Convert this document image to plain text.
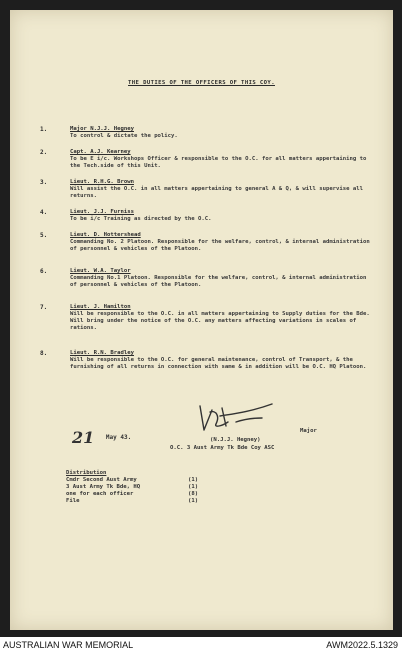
THE DUTIES OF THE OFFICERS OF THIS COY.
1.	Major N.J.J. Hegney
To control & dictate the policy.
2.	Capt. A.J. Kearney
To be E i/c. Workshops Officer & responsible to the O.C. for all matters appertaining to the Tech.side of this Unit.
3.	Lieut. R.H.G. Brown
Will assist the O.C. in all matters appertaining to general A & Q, & will supervise all returns.
4.	Lieut. J.J. Furniss
To be i/c Training as directed by the O.C.
5.	Lieut. D. Hottershead
Commanding No. 2 Platoon. Responsible for the welfare, control, & internal administration of personnel & vehicles of the Platoon.
6.	Lieut. W.A. Taylor
Commanding No.1 Platoon. Responsible for the welfare, control, & internal administration of personnel & vehicles of the Platoon.
7.	Lieut. J. Hamilton
Will be responsible to the O.C. in all matters appertaining to Supply duties for the Bde. Will bring under the notice of the O.C. any matters affecting variations in scales of rations.
8.	Lieut. R.N. Bradley
Will be responsible to the O.C. for general maintenance, control of Transport, & the furnishing of all returns in connection with same & in addition will be O.C. HQ Platoon.
21 May 43.
Major
(N.J.J. Hegney)
O.C. 3 Aust Army Tk Bde Coy ASC
Distribution
Cmdr Second Aust Army	(1)
3 Aust Army Tk Bde, HQ	(1)
one for each officer	(8)
File	(1)
AUSTRALIAN WAR MEMORIAL	AWM2022.5.1329
